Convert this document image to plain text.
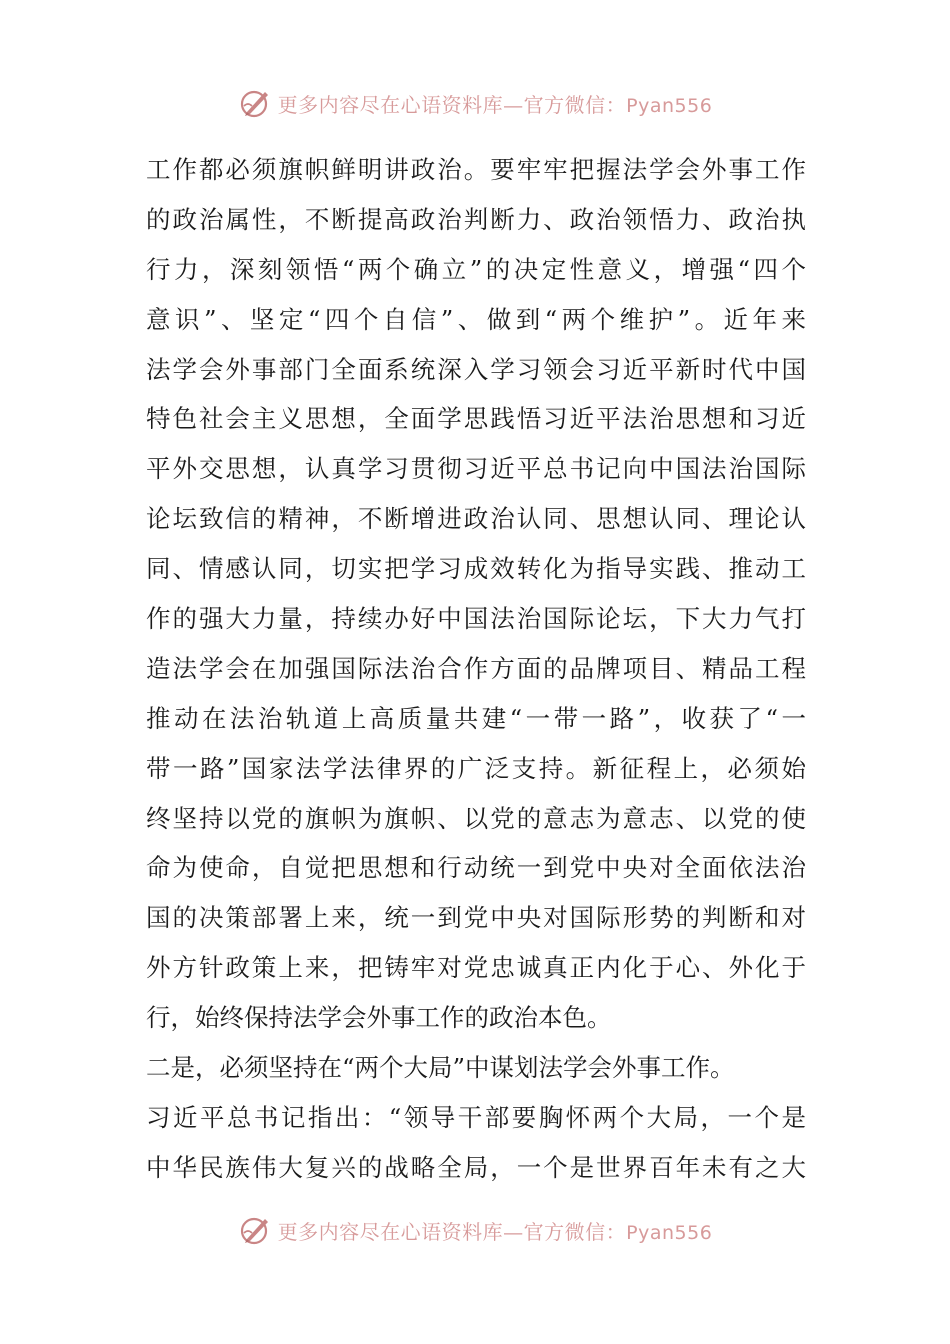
更多内容尽在心语资料库—官方微信：Pyan556
工作都必须旗帜鲜明讲政治。要牢牢把握法学会外事工作
的政治属性，不断提高政治判断力、政治领悟力、政治执
行力，深刻领悟“两个确立”的决定性意义，增强“四个
意识”、坚定“四个自信”、做到“两个维护”。近年来
法学会外事部门全面系统深入学习领会习近平新时代中国
特色社会主义思想，全面学思践悟习近平法治思想和习近
平外交思想，认真学习贯彻习近平总书记向中国法治国际
论坛致信的精神，不断增进政治认同、思想认同、理论认
同、情感认同，切实把学习成效转化为指导实践、推动工
作的强大力量，持续办好中国法治国际论坛，下大力气打
造法学会在加强国际法治合作方面的品牌项目、精品工程
推动在法治轨道上高质量共建“一带一路”，收获了“一
带一路”国家法学法律界的广泛支持。新征程上，必须始
终坚持以党的旗帜为旗帜、以党的意志为意志、以党的使
命为使命，自觉把思想和行动统一到党中央对全面依法治
国的决策部署上来，统一到党中央对国际形势的判断和对
外方针政策上来，把铸牢对党忠诚真正内化于心、外化于
行，始终保持法学会外事工作的政治本色。
二是，必须坚持在“两个大局”中谋划法学会外事工作。
习近平总书记指出：“领导干部要胸怀两个大局，一个是
中华民族伟大复兴的战略全局，一个是世界百年未有之大
更多内容尽在心语资料库—官方微信：Pyan556
